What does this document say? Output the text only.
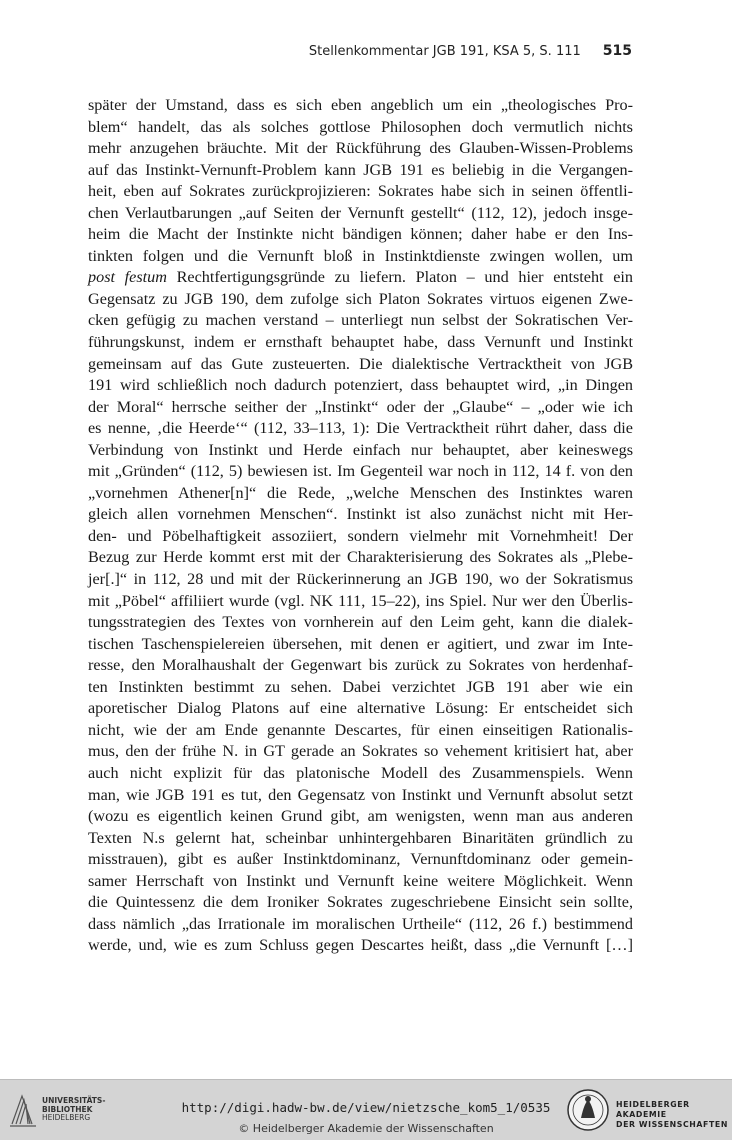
Stellenkommentar JGB 191, KSA 5, S. 111 515
später der Umstand, dass es sich eben angeblich um ein „theologisches Pro-
blem“ handelt, das als solches gottlose Philosophen doch vermutlich nichts
mehr anzugehen bräuchte. Mit der Rückführung des Glauben-Wissen-Problems
auf das Instinkt-Vernunft-Problem kann JGB 191 es beliebig in die Vergangen-
heit, eben auf Sokrates zurückprojizieren: Sokrates habe sich in seinen öffentli-
chen Verlautbarungen „auf Seiten der Vernunft gestellt“ (112, 12), jedoch insge-
heim die Macht der Instinkte nicht bändigen können; daher habe er den Ins-
tinkten folgen und die Vernunft bloß in Instinktdienste zwingen wollen, um
post festum Rechtfertigungsgründe zu liefern. Platon – und hier entsteht ein
Gegensatz zu JGB 190, dem zufolge sich Platon Sokrates virtuos eigenen Zwe-
cken gefügig zu machen verstand – unterliegt nun selbst der Sokratischen Ver-
führungskunst, indem er ernsthaft behauptet habe, dass Vernunft und Instinkt
gemeinsam auf das Gute zusteuerten. Die dialektische Vertracktheit von JGB
191 wird schließlich noch dadurch potenziert, dass behauptet wird, „in Dingen
der Moral“ herrsche seither der „Instinkt“ oder der „Glaube“ – „oder wie ich
es nenne, ‚die Heerde‘“ (112, 33–113, 1): Die Vertracktheit rührt daher, dass die
Verbindung von Instinkt und Herde einfach nur behauptet, aber keineswegs
mit „Gründen“ (112, 5) bewiesen ist. Im Gegenteil war noch in 112, 14 f. von den
„vornehmen Athener[n]“ die Rede, „welche Menschen des Instinktes waren
gleich allen vornehmen Menschen“. Instinkt ist also zunächst nicht mit Her-
den- und Pöbelhaftigkeit assoziiert, sondern vielmehr mit Vornehmheit! Der
Bezug zur Herde kommt erst mit der Charakterisierung des Sokrates als „Plebe-
jer[.]“ in 112, 28 und mit der Rückerinnerung an JGB 190, wo der Sokratismus
mit „Pöbel“ affiliiert wurde (vgl. NK 111, 15–22), ins Spiel. Nur wer den Überlis-
tungsstrategien des Textes von vornherein auf den Leim geht, kann die dialek-
tischen Taschenspielereien übersehen, mit denen er agitiert, und zwar im Inte-
resse, den Moralhaushalt der Gegenwart bis zurück zu Sokrates von herdenhaf-
ten Instinkten bestimmt zu sehen. Dabei verzichtet JGB 191 aber wie ein
aporetischer Dialog Platons auf eine alternative Lösung: Er entscheidet sich
nicht, wie der am Ende genannte Descartes, für einen einseitigen Rationalis-
mus, den der frühe N. in GT gerade an Sokrates so vehement kritisiert hat, aber
auch nicht explizit für das platonische Modell des Zusammenspiels. Wenn
man, wie JGB 191 es tut, den Gegensatz von Instinkt und Vernunft absolut setzt
(wozu es eigentlich keinen Grund gibt, am wenigsten, wenn man aus anderen
Texten N.s gelernt hat, scheinbar unhintergehbaren Binaritäten gründlich zu
misstrauen), gibt es außer Instinktdominanz, Vernunftdominanz oder gemein-
samer Herrschaft von Instinkt und Vernunft keine weitere Möglichkeit. Wenn
die Quintessenz die dem Ironiker Sokrates zugeschriebene Einsicht sein sollte,
dass nämlich „das Irrationale im moralischen Urtheile“ (112, 26 f.) bestimmend
werde, und, wie es zum Schluss gegen Descartes heißt, dass „die Vernunft […]
UNIVERSITÄTS-
BIBLIOTHEK
HEIDELBERG
http://digi.hadw-bw.de/view/nietzsche_kom5_1/0535
© Heidelberger Akademie der Wissenschaften
HEIDELBERGER AKADEMIE
DER WISSENSCHAFTEN
